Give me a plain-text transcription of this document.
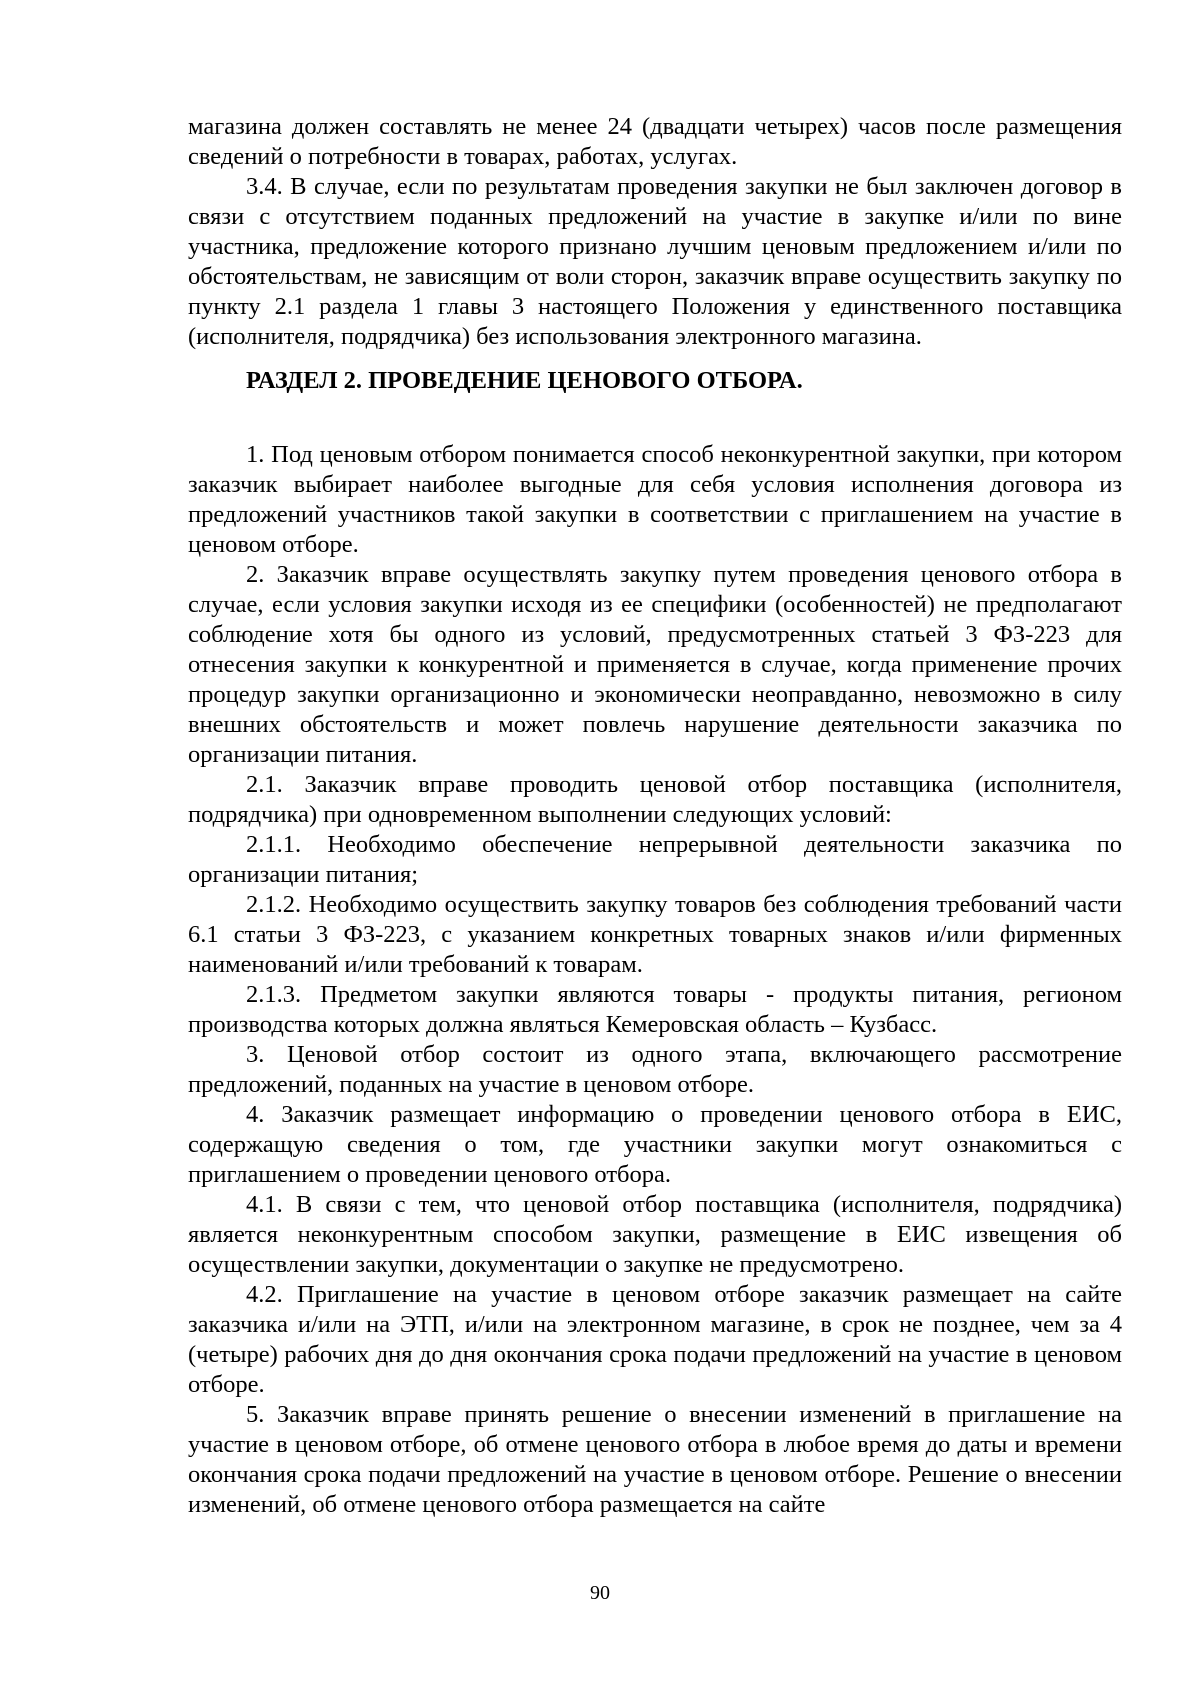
магазина должен составлять не менее 24 (двадцати четырех) часов после размещения сведений о потребности в товарах, работах, услугах.

3.4. В случае, если по результатам проведения закупки не был заключен договор в связи с отсутствием поданных предложений на участие в закупке и/или по вине участника, предложение которого признано лучшим ценовым предложением и/или по обстоятельствам, не зависящим от воли сторон, заказчик вправе осуществить закупку по пункту 2.1 раздела 1 главы 3 настоящего Положения у единственного поставщика (исполнителя, подрядчика) без использования электронного магазина.

РАЗДЕЛ 2. ПРОВЕДЕНИЕ ЦЕНОВОГО ОТБОРА.

1. Под ценовым отбором понимается способ неконкурентной закупки, при котором заказчик выбирает наиболее выгодные для себя условия исполнения договора из предложений участников такой закупки в соответствии с приглашением на участие в ценовом отборе.

2. Заказчик вправе осуществлять закупку путем проведения ценового отбора в случае, если условия закупки исходя из ее специфики (особенностей) не предполагают соблюдение хотя бы одного из условий, предусмотренных статьей 3 ФЗ-223 для отнесения закупки к конкурентной и применяется в случае, когда применение прочих процедур закупки организационно и экономически неоправданно, невозможно в силу внешних обстоятельств и может повлечь нарушение деятельности заказчика по организации питания.

2.1. Заказчик вправе проводить ценовой отбор поставщика (исполнителя, подрядчика) при одновременном выполнении следующих условий:

2.1.1. Необходимо обеспечение непрерывной деятельности заказчика по организации питания;

2.1.2. Необходимо осуществить закупку товаров без соблюдения требований части 6.1 статьи 3 ФЗ-223, с указанием конкретных товарных знаков и/или фирменных наименований и/или требований к товарам.

2.1.3. Предметом закупки являются товары - продукты питания, регионом производства которых должна являться Кемеровская область – Кузбасс.

3. Ценовой отбор состоит из одного этапа, включающего рассмотрение предложений, поданных на участие в ценовом отборе.

4. Заказчик размещает информацию о проведении ценового отбора в ЕИС, содержащую сведения о том, где участники закупки могут ознакомиться с приглашением о проведении ценового отбора.

4.1. В связи с тем, что ценовой отбор поставщика (исполнителя, подрядчика) является неконкурентным способом закупки, размещение в ЕИС извещения об осуществлении закупки, документации о закупке не предусмотрено.

4.2. Приглашение на участие в ценовом отборе заказчик размещает на сайте заказчика и/или на ЭТП, и/или на электронном магазине, в срок не позднее, чем за 4 (четыре) рабочих дня до дня окончания срока подачи предложений на участие в ценовом отборе.

5. Заказчик вправе принять решение о внесении изменений в приглашение на участие в ценовом отборе, об отмене ценового отбора в любое время до даты и времени окончания срока подачи предложений на участие в ценовом отборе. Решение о внесении изменений, об отмене ценового отбора размещается на сайте

90
